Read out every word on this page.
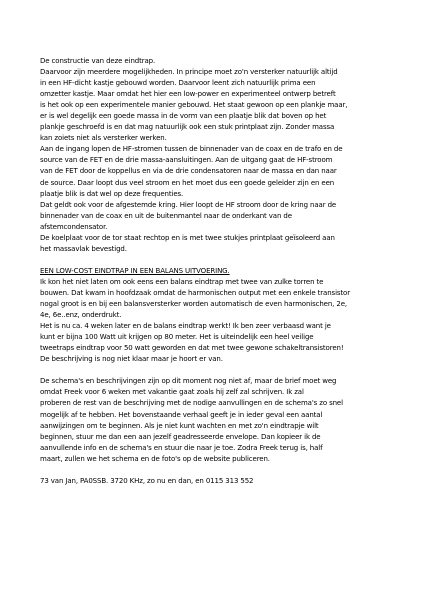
De constructie van deze eindtrap.
Daarvoor zijn meerdere mogelijkheden. In principe moet zo'n versterker natuurlijk altijd
in een HF-dicht kastje gebouwd worden. Daarvoor leent zich natuurlijk prima een
omzetter kastje. Maar omdat het hier een low-power en experimenteel ontwerp betreft
is het ook op een experimentele manier gebouwd. Het staat gewoon op een plankje maar,
er is wel degelijk een goede massa in de vorm van een plaatje blik dat boven op het
plankje geschroefd is en dat mag natuurlijk ook een stuk printplaat zijn. Zonder massa
kan zoiets niet als versterker werken.
Aan de ingang lopen de HF-stromen tussen de binnenader van de coax en de trafo en de
source van de FET en de drie massa-aansluitingen. Aan de uitgang gaat de HF-stroom
van de FET door de koppellus en via de drie condensatoren naar de massa en dan naar
de source. Daar loopt dus veel stroom en het moet dus een goede geleider zijn en een
plaatje blik is dat wel op deze frequenties.
Dat geldt ook voor de afgestemde kring. Hier loopt de HF stroom door de kring naar de
binnenader van de coax en uit de buitenmantel naar de onderkant van de
afstemcondensator.
De koelplaat voor de tor staat rechtop en is met twee stukjes printplaat geïsoleerd aan
het massavlak bevestigd.
EEN LOW-COST EINDTRAP IN EEN BALANS UITVOERING.
Ik kon het niet laten om ook eens een balans eindtrap met twee van zulke torren te
bouwen. Dat kwam in hoofdzaak omdat de harmonischen output met een enkele transistor
nogal groot is en bij een balansversterker worden automatisch de even harmonischen, 2e,
4e, 6e..enz, onderdrukt.
Het is nu ca. 4 weken later en de balans eindtrap werkt! Ik ben zeer verbaasd want je
kunt er bijna 100 Watt uit krijgen op 80 meter. Het is uiteindelijk een heel veilige
tweetraps eindtrap voor 50 watt geworden en dat met twee gewone schakeltransistoren!
De beschrijving is nog niet klaar maar je hoort er van.
De schema's en beschrijvingen zijn op dit moment nog niet af, maar de brief moet weg
omdat Freek voor 6 weken met vakantie gaat zoals hij zelf zal schrijven. Ik zal
proberen de rest van de beschrijving met de nodige aanvullingen en de schema's zo snel
mogelijk af te hebben. Het bovenstaande verhaal geeft je in ieder geval een aantal
aanwijzingen om te beginnen. Als je niet kunt wachten en met zo'n eindtrapje wilt
beginnen, stuur me dan een aan jezelf geadresseerde envelope. Dan kopieer ik de
aanvullende info en de schema's en stuur die naar je toe. Zodra Freek terug is, half
maart, zullen we het schema en de foto's op de website publiceren.
73 van Jan, PA0SSB. 3720 KHz, zo nu en dan, en 0115 313 552
